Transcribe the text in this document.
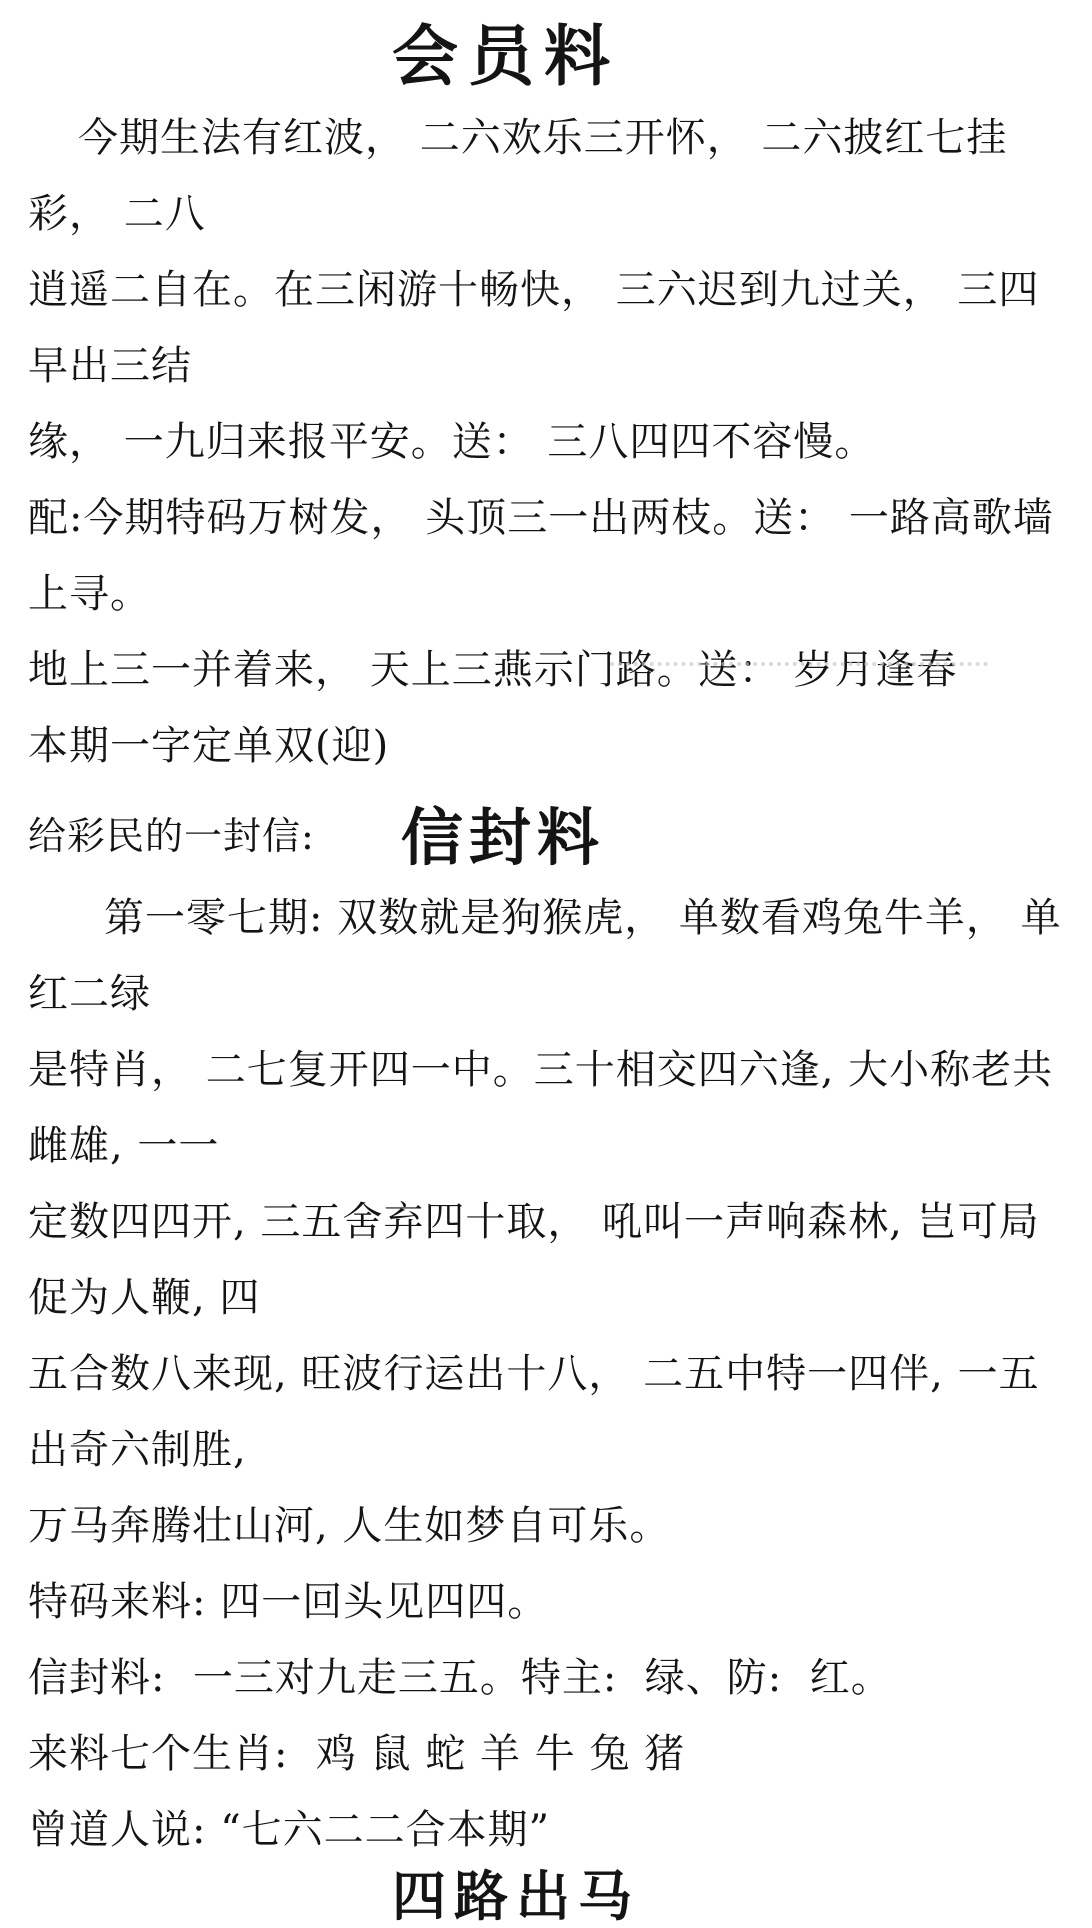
会员料

今期生法有红波， 二六欢乐三开怀， 二六披红七挂彩， 二八

逍遥二自在。在三闲游十畅快， 三六迟到九过关， 三四早出三结

缘， 一九归来报平安。送： 三八四四不容慢。

配:今期特码万树发， 头顶三一出两枝。送： 一路高歌墙上寻。

地上三一并着来， 天上三燕示门路。送： 岁月逢春

本期一字定单双(迎)

给彩民的一封信: 信封料

第一零七期: 双数就是狗猴虎， 单数看鸡兔牛羊， 单红二绿

是特肖， 二七复开四一中。三十相交四六逢, 大小称老共雌雄, 一一

定数四四开, 三五舍弃四十取， 吼叫一声响森林, 岂可局促为人鞭, 四

五合数八来现, 旺波行运出十八， 二五中特一四伴, 一五出奇六制胜,

万马奔腾壮山河, 人生如梦自可乐。

特码来料: 四一回头见四四。

信封料:  一三对九走三五。特主:  绿、防:  红。

来料七个生肖:  鸡 鼠 蛇 羊 牛 兔 猪

曾道人说: “七六二二合本期”

四路出马
